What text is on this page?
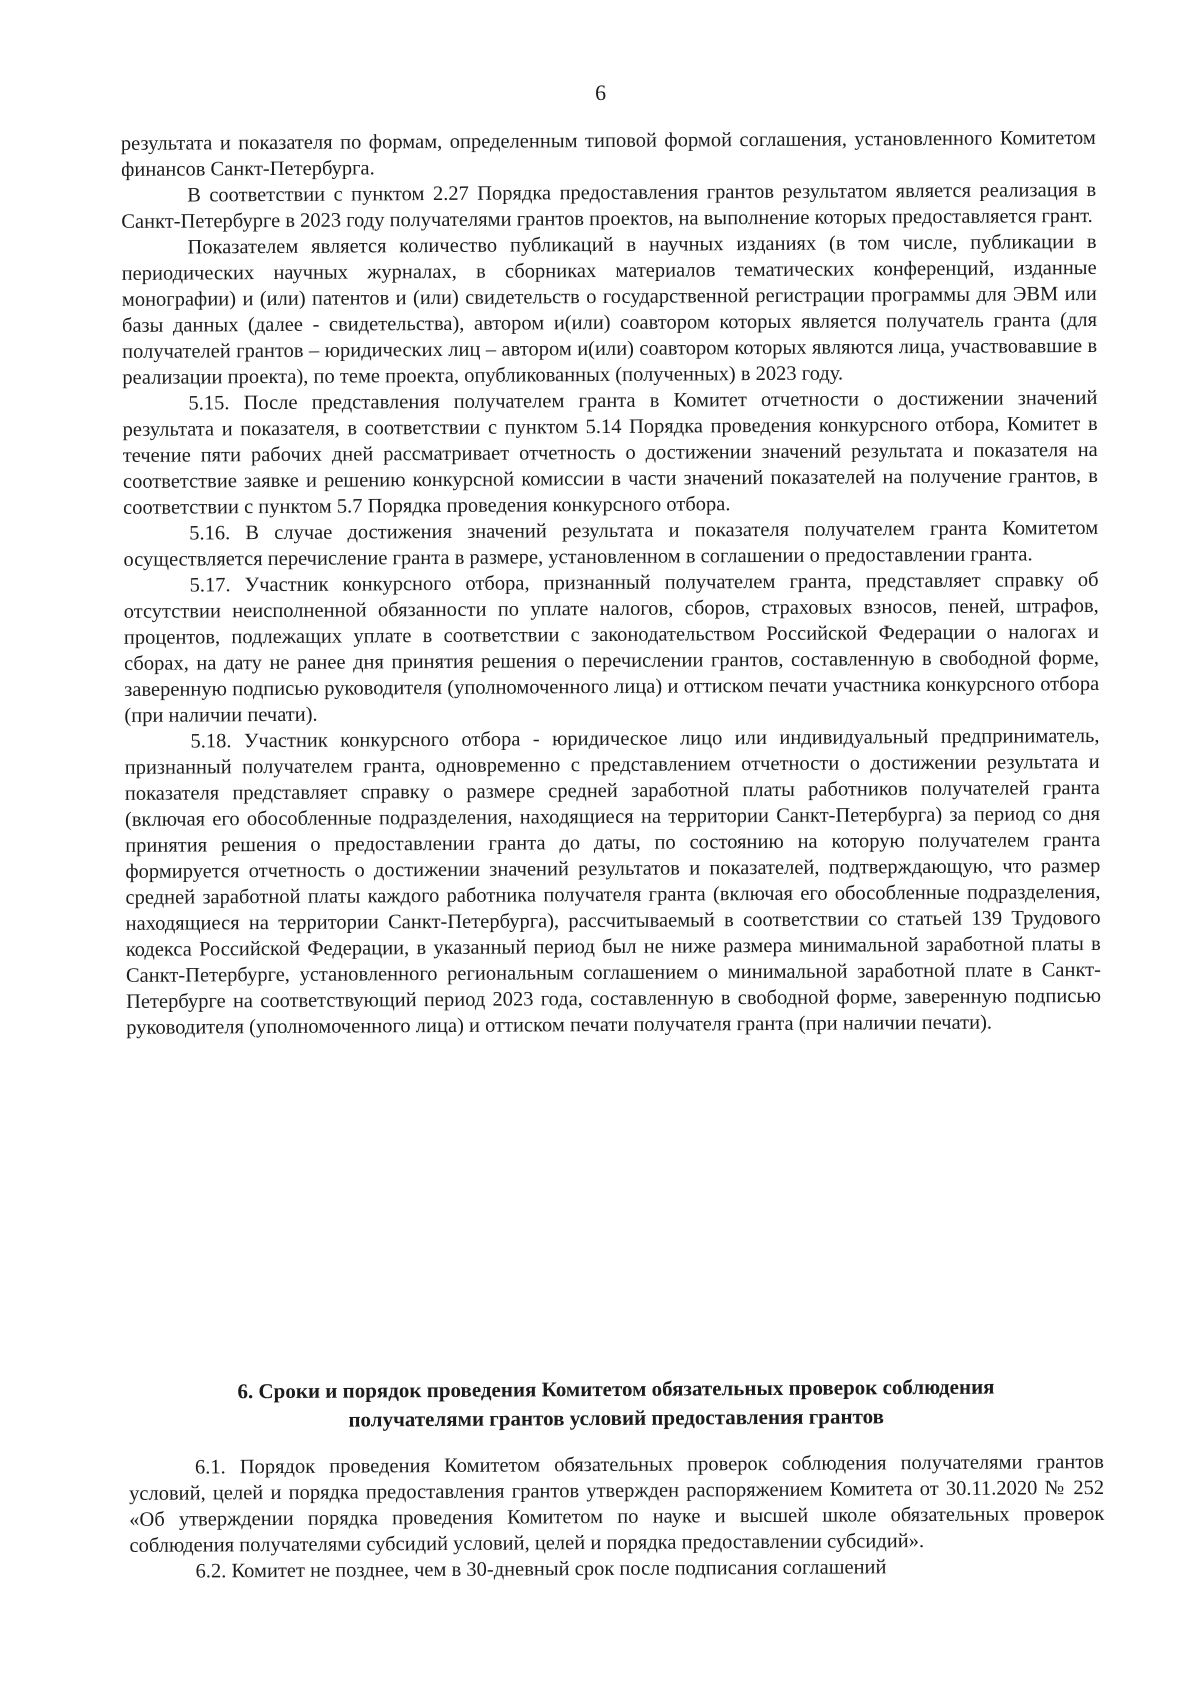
6

результата и показателя по формам, определенным типовой формой соглашения, установленного Комитетом финансов Санкт-Петербурга.

В соответствии с пунктом 2.27 Порядка предоставления грантов результатом является реализация в Санкт-Петербурге в 2023 году получателями грантов проектов, на выполнение которых предоставляется грант.

Показателем является количество публикаций в научных изданиях (в том числе, публикации в периодических научных журналах, в сборниках материалов тематических конференций, изданные монографии) и (или) патентов и (или) свидетельств о государственной регистрации программы для ЭВМ или базы данных (далее - свидетельства), автором и(или) соавтором которых является получатель гранта (для получателей грантов – юридических лиц – автором и(или) соавтором которых являются лица, участвовавшие в реализации проекта), по теме проекта, опубликованных (полученных) в 2023 году.

5.15. После представления получателем гранта в Комитет отчетности о достижении значений результата и показателя, в соответствии с пунктом 5.14 Порядка проведения конкурсного отбора, Комитет в течение пяти рабочих дней рассматривает отчетность о достижении значений результата и показателя на соответствие заявке и решению конкурсной комиссии в части значений показателей на получение грантов, в соответствии с пунктом 5.7 Порядка проведения конкурсного отбора.

5.16. В случае достижения значений результата и показателя получателем гранта Комитетом осуществляется перечисление гранта в размере, установленном в соглашении о предоставлении гранта.

5.17. Участник конкурсного отбора, признанный получателем гранта, представляет справку об отсутствии неисполненной обязанности по уплате налогов, сборов, страховых взносов, пеней, штрафов, процентов, подлежащих уплате в соответствии с законодательством Российской Федерации о налогах и сборах, на дату не ранее дня принятия решения о перечислении грантов, составленную в свободной форме, заверенную подписью руководителя (уполномоченного лица) и оттиском печати участника конкурсного отбора (при наличии печати).

5.18. Участник конкурсного отбора - юридическое лицо или индивидуальный предприниматель, признанный получателем гранта, одновременно с представлением отчетности о достижении результата и показателя представляет справку о размере средней заработной платы работников получателей гранта (включая его обособленные подразделения, находящиеся на территории Санкт-Петербурга) за период со дня принятия решения о предоставлении гранта до даты, по состоянию на которую получателем гранта формируется отчетность о достижении значений результатов и показателей, подтверждающую, что размер средней заработной платы каждого работника получателя гранта (включая его обособленные подразделения, находящиеся на территории Санкт-Петербурга), рассчитываемый в соответствии со статьей 139 Трудового кодекса Российской Федерации, в указанный период был не ниже размера минимальной заработной платы в Санкт-Петербурге, установленного региональным соглашением о минимальной заработной плате в Санкт-Петербурге на соответствующий период 2023 года, составленную в свободной форме, заверенную подписью руководителя (уполномоченного лица) и оттиском печати получателя гранта (при наличии печати).

6. Сроки и порядок проведения Комитетом обязательных проверок соблюдения
получателями грантов условий предоставления грантов

6.1. Порядок проведения Комитетом обязательных проверок соблюдения получателями грантов условий, целей и порядка предоставления грантов утвержден распоряжением Комитета от 30.11.2020 № 252 «Об утверждении порядка проведения Комитетом по науке и высшей школе обязательных проверок соблюдения получателями субсидий условий, целей и порядка предоставлении субсидий».

6.2. Комитет не позднее, чем в 30-дневный срок после подписания соглашений
